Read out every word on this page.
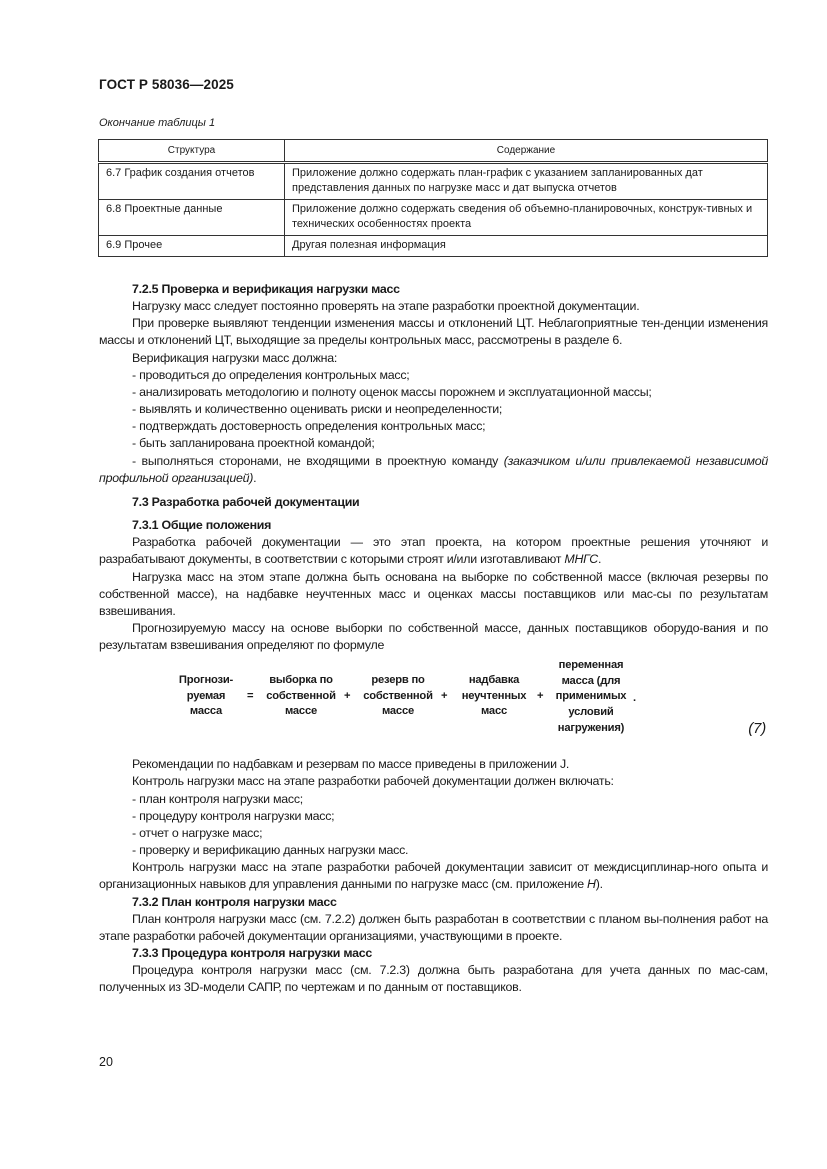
ГОСТ Р 58036—2025
Окончание таблицы 1
Структура	Содержание
6.7 График создания отчетов	Приложение должно содержать план-график с указанием запланированных дат представления данных по нагрузке масс и дат выпуска отчетов
6.8 Проектные данные	Приложение должно содержать сведения об объемно-планировочных, конструк-тивных и технических особенностях проекта
6.9 Прочее	Другая полезная информация

7.2.5 Проверка и верификация нагрузки масс

Нагрузку масс следует постоянно проверять на этапе разработки проектной документации.

При проверке выявляют тенденции изменения массы и отклонений ЦТ. Неблагоприятные тен-денции изменения массы и отклонений ЦТ, выходящие за пределы контрольных масс, рассмотрены в разделе 6.

Верификация нагрузки масс должна:

- проводиться до определения контрольных масс;

- анализировать методологию и полноту оценок массы порожнем и эксплуатационной массы;

- выявлять и количественно оценивать риски и неопределенности;

- подтверждать достоверность определения контрольных масс;

- быть запланирована проектной командой;

- выполняться сторонами, не входящими в проектную команду (заказчиком и/или привлекаемой независимой профильной организацией).

7.3 Разработка рабочей документации

7.3.1 Общие положения

Разработка рабочей документации — это этап проекта, на котором проектные решения уточняют и разрабатывают документы, в соответствии с которыми строят и/или изготавливают МНГС.

Нагрузка масс на этом этапе должна быть основана на выборке по собственной массе (включая резервы по собственной массе), на надбавке неучтенных масс и оценках массы поставщиков или мас-сы по результатам взвешивания.

Прогнозируемую массу на основе выборки по собственной массе, данных поставщиков оборудо-вания и по результатам взвешивания определяют по формуле

Прогнози-
руемая
масса
=
выборка по
собственной
массе
+
резерв по
собственной
массе
+
надбавка
неучтенных
масс
+
переменная
масса (для
применимых
условий
нагружения)
.
(7)

Рекомендации по надбавкам и резервам по массе приведены в приложении J.

Контроль нагрузки масс на этапе разработки рабочей документации должен включать:

- план контроля нагрузки масс;

- процедуру контроля нагрузки масс;

- отчет о нагрузке масс;

- проверку и верификацию данных нагрузки масс.

Контроль нагрузки масс на этапе разработки рабочей документации зависит от междисциплинар-ного опыта и организационных навыков для управления данными по нагрузке масс (см. приложение Н).

7.3.2 План контроля нагрузки масс

План контроля нагрузки масс (см. 7.2.2) должен быть разработан в соответствии с планом вы-полнения работ на этапе разработки рабочей документации организациями, участвующими в проекте.

7.3.3 Процедура контроля нагрузки масс

Процедура контроля нагрузки масс (см. 7.2.3) должна быть разработана для учета данных по мас-сам, полученных из 3D-модели САПР, по чертежам и по данным от поставщиков.

20
